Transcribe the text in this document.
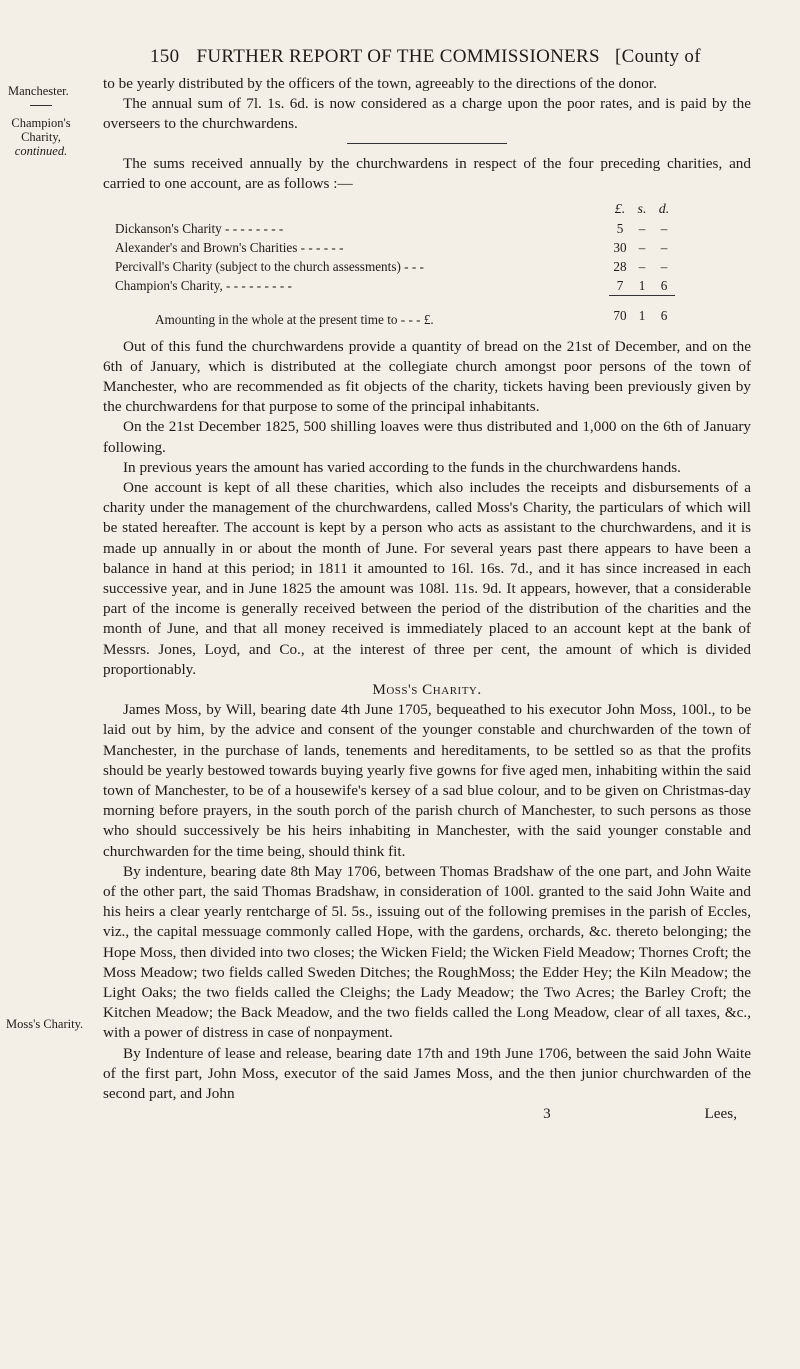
150 FURTHER REPORT OF THE COMMISSIONERS [County of
Manchester.
Champion's Charity,
continued.
Moss's Charity.

to be yearly distributed by the officers of the town, agreeably to the directions of the donor.

The annual sum of 7l. 1s. 6d. is now considered as a charge upon the poor rates, and is paid by the overseers to the churchwardens.

The sums received annually by the churchwardens in respect of the four preceding charities, and carried to one account, are as follows :—

	£.	s.	d.
Dickanson's Charity - - - - - - - -	5	–	–
Alexander's and Brown's Charities - - - - - -	30	–	–
Percivall's Charity (subject to the church assessments) - - -	28	–	–
Champion's Charity, - - - - - - - - -	7	1	6
Amounting in the whole at the present time to - - - £.	70	1	6

Out of this fund the churchwardens provide a quantity of bread on the 21st of December, and on the 6th of January, which is distributed at the collegiate church amongst poor persons of the town of Manchester, who are recommended as fit objects of the charity, tickets having been previously given by the churchwardens for that purpose to some of the principal inhabitants.

On the 21st December 1825, 500 shilling loaves were thus distributed and 1,000 on the 6th of January following.

In previous years the amount has varied according to the funds in the churchwardens hands.

One account is kept of all these charities, which also includes the receipts and disbursements of a charity under the management of the churchwardens, called Moss's Charity, the particulars of which will be stated hereafter. The account is kept by a person who acts as assistant to the churchwardens, and it is made up annually in or about the month of June. For several years past there appears to have been a balance in hand at this period; in 1811 it amounted to 16l. 16s. 7d., and it has since increased in each successive year, and in June 1825 the amount was 108l. 11s. 9d. It appears, however, that a considerable part of the income is generally received between the period of the distribution of the charities and the month of June, and that all money received is immediately placed to an account kept at the bank of Messrs. Jones, Loyd, and Co., at the interest of three per cent, the amount of which is divided proportionably.

Moss's Charity.

James Moss, by Will, bearing date 4th June 1705, bequeathed to his executor John Moss, 100l., to be laid out by him, by the advice and consent of the younger constable and churchwarden of the town of Manchester, in the purchase of lands, tenements and hereditaments, to be settled so as that the profits should be yearly bestowed towards buying yearly five gowns for five aged men, inhabiting within the said town of Manchester, to be of a housewife's kersey of a sad blue colour, and to be given on Christmas-day morning before prayers, in the south porch of the parish church of Manchester, to such persons as those who should successively be his heirs inhabiting in Manchester, with the said younger constable and churchwarden for the time being, should think fit.

By indenture, bearing date 8th May 1706, between Thomas Bradshaw of the one part, and John Waite of the other part, the said Thomas Bradshaw, in consideration of 100l. granted to the said John Waite and his heirs a clear yearly rentcharge of 5l. 5s., issuing out of the following premises in the parish of Eccles, viz., the capital messuage commonly called Hope, with the gardens, orchards, &c. thereto belonging; the Hope Moss, then divided into two closes; the Wicken Field; the Wicken Field Meadow; Thornes Croft; the Moss Meadow; two fields called Sweden Ditches; the RoughMoss; the Edder Hey; the Kiln Meadow; the Light Oaks; the two fields called the Cleighs; the Lady Meadow; the Two Acres; the Barley Croft; the Kitchen Meadow; the Back Meadow, and the two fields called the Long Meadow, clear of all taxes, &c., with a power of distress in case of nonpayment.

By Indenture of lease and release, bearing date 17th and 19th June 1706, between the said John Waite of the first part, John Moss, executor of the said James Moss, and the then junior churchwarden of the second part, and John

3	Lees,
